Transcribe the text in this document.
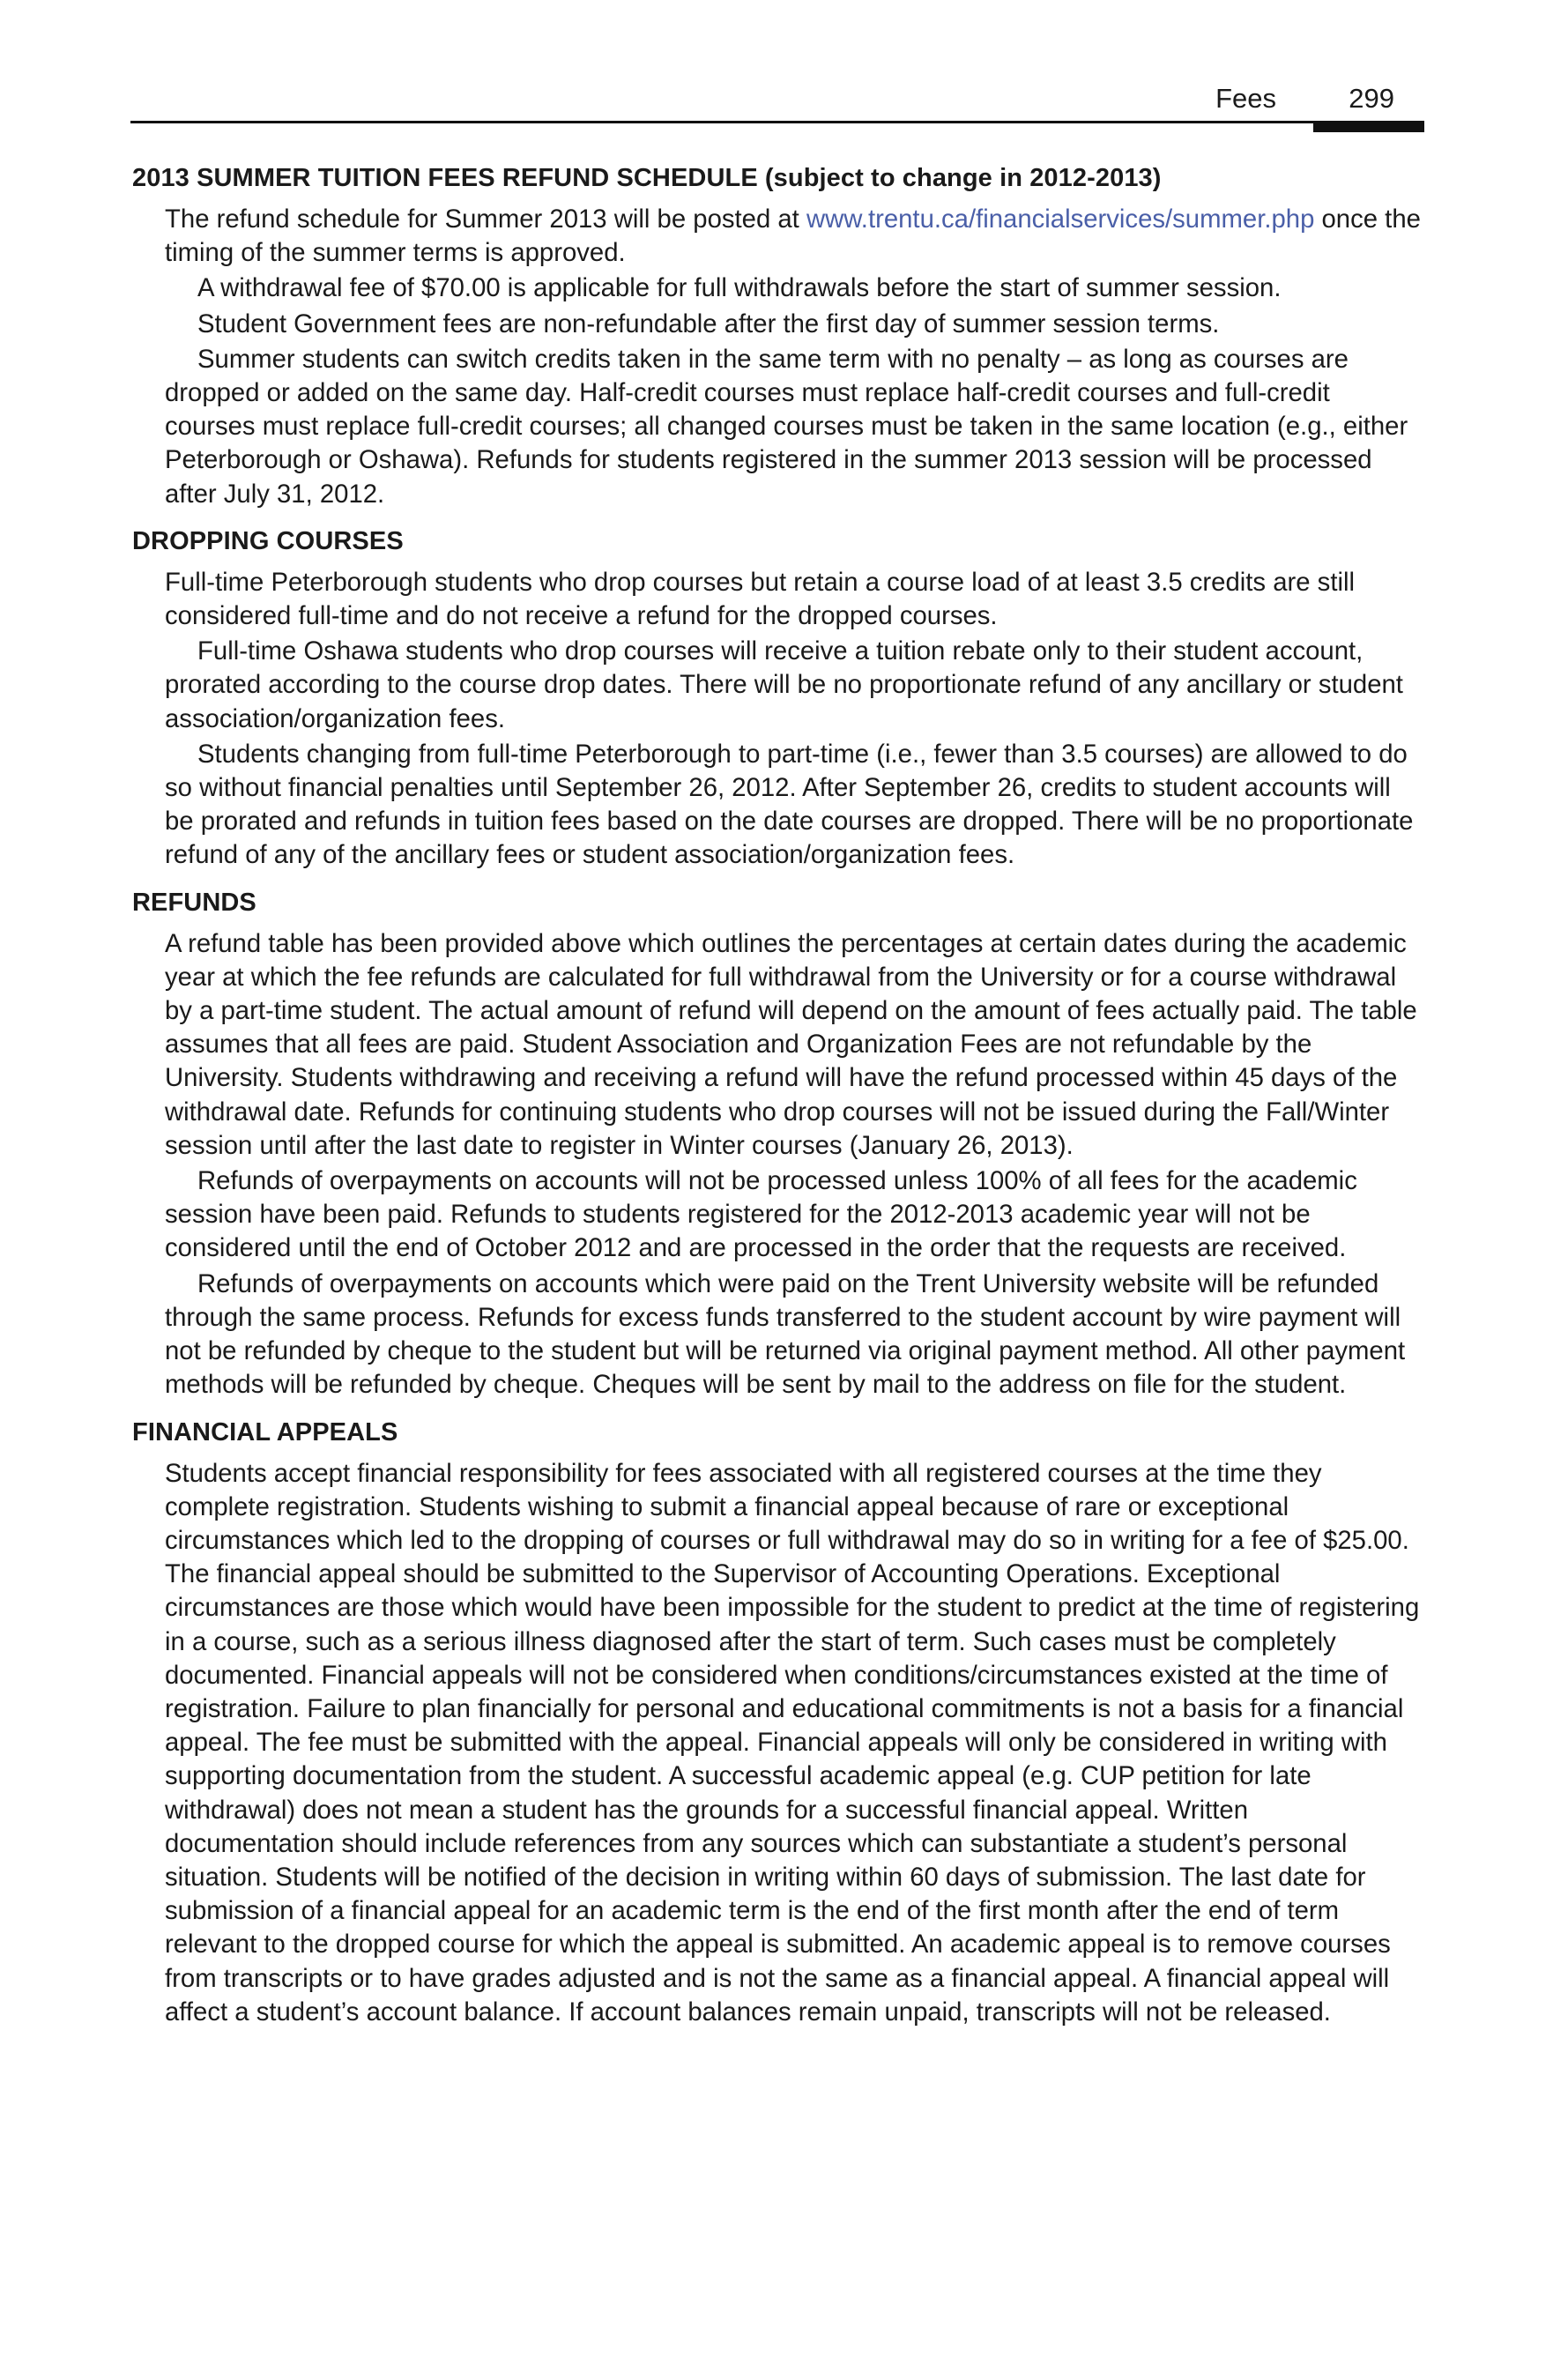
Fees	299
2013 SUMMER TUITION FEES REFUND SCHEDULE (subject to change in 2012-2013)

The refund schedule for Summer 2013 will be posted at www.trentu.ca/financialservices/summer.php once the timing of the summer terms is approved.

A withdrawal fee of $70.00 is applicable for full withdrawals before the start of summer session.

Student Government fees are non-refundable after the first day of summer session terms.

Summer students can switch credits taken in the same term with no penalty – as long as courses are dropped or added on the same day. Half-credit courses must replace half-credit courses and full-credit courses must replace full-credit courses; all changed courses must be taken in the same location (e.g., either Peterborough or Oshawa). Refunds for students registered in the summer 2013 session will be processed after July 31, 2012.

DROPPING COURSES

Full-time Peterborough students who drop courses but retain a course load of at least 3.5 credits are still considered full-time and do not receive a refund for the dropped courses.

Full-time Oshawa students who drop courses will receive a tuition rebate only to their student account, prorated according to the course drop dates. There will be no proportionate refund of any ancillary or student association/organization fees.

Students changing from full-time Peterborough to part-time (i.e., fewer than 3.5 courses) are allowed to do so without financial penalties until September 26, 2012. After September 26, credits to student accounts will be prorated and refunds in tuition fees based on the date courses are dropped. There will be no proportionate refund of any of the ancillary fees or student association/organization fees.

REFUNDS

A refund table has been provided above which outlines the percentages at certain dates during the academic year at which the fee refunds are calculated for full withdrawal from the University or for a course withdrawal by a part-time student. The actual amount of refund will depend on the amount of fees actually paid. The table assumes that all fees are paid. Student Association and Organization Fees are not refundable by the University. Students withdrawing and receiving a refund will have the refund processed within 45 days of the withdrawal date. Refunds for continuing students who drop courses will not be issued during the Fall/Winter session until after the last date to register in Winter courses (January 26, 2013).

Refunds of overpayments on accounts will not be processed unless 100% of all fees for the academic session have been paid. Refunds to students registered for the 2012-2013 academic year will not be considered until the end of October 2012 and are processed in the order that the requests are received.

Refunds of overpayments on accounts which were paid on the Trent University website will be refunded through the same process. Refunds for excess funds transferred to the student account by wire payment will not be refunded by cheque to the student but will be returned via original payment method. All other payment methods will be refunded by cheque. Cheques will be sent by mail to the address on file for the student.

FINANCIAL APPEALS

Students accept financial responsibility for fees associated with all registered courses at the time they complete registration. Students wishing to submit a financial appeal because of rare or exceptional circumstances which led to the dropping of courses or full withdrawal may do so in writing for a fee of $25.00. The financial appeal should be submitted to the Supervisor of Accounting Operations. Exceptional circumstances are those which would have been impossible for the student to predict at the time of registering in a course, such as a serious illness diagnosed after the start of term. Such cases must be completely documented. Financial appeals will not be considered when conditions/circumstances existed at the time of registration. Failure to plan financially for personal and educational commitments is not a basis for a financial appeal. The fee must be submitted with the appeal. Financial appeals will only be considered in writing with supporting documentation from the student. A successful academic appeal (e.g. CUP petition for late withdrawal) does not mean a student has the grounds for a successful financial appeal. Written documentation should include references from any sources which can substantiate a student’s personal situation. Students will be notified of the decision in writing within 60 days of submission. The last date for submission of a financial appeal for an academic term is the end of the first month after the end of term relevant to the dropped course for which the appeal is submitted. An academic appeal is to remove courses from transcripts or to have grades adjusted and is not the same as a financial appeal. A financial appeal will affect a student’s account balance. If account balances remain unpaid, transcripts will not be released.
